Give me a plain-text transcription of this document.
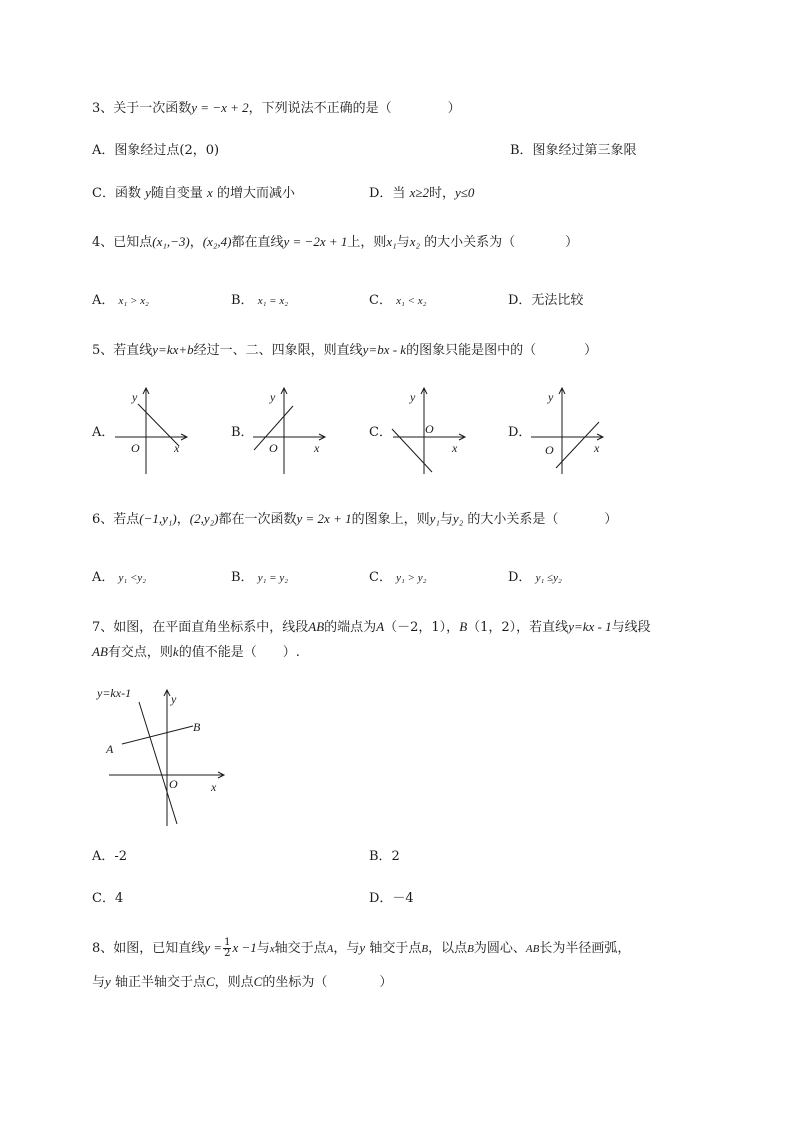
3、关于一次函数y = −x + 2，下列说法不正确的是（	）
A．图象经过点(2，0)	B．图象经过第三象限
C．函数 y随自变量 x 的增大而减小	D．当 x≥2时，y≤0
4、已知点(x₁,−3)，(x₂,4)都在直线y = −2x + 1上，则x₁与x₂ 的大小关系为（	）
A． x₁ > x₂	B． x₁ = x₂	C． x₁ < x₂	D．无法比较
5、若直线y=kx+b经过一、二、四象限，则直线y=bx - k的图象只能是图中的（	）
A．	B．	C．	D．
y
x
O
y
x
O
y
x
O
y
x
O
6、若点(−1,y₁)，(2,y₂)都在一次函数y = 2x + 1的图象上，则y₁与y₂ 的大小关系是（	）
A． y₁ <y₂	B． y₁ = y₂	C． y₁ > y₂	D． y₁ ≤y₂
7、如图，在平面直角坐标系中，线段AB的端点为A（－2，1），B（1，2），若直线y=kx - 1与线段
AB有交点，则k的值不能是（　　）.
y=kx-1	y
B
A
O	x
A．-2	B．2
C．4	D．－4
8、如图，已知直线$y = \frac{1}{2}$ x −1与x轴交于点A，与y 轴交于点B，以点B为圆心、AB长为半径画弧，
与y 轴正半轴交于点C，则点C的坐标为（	）
